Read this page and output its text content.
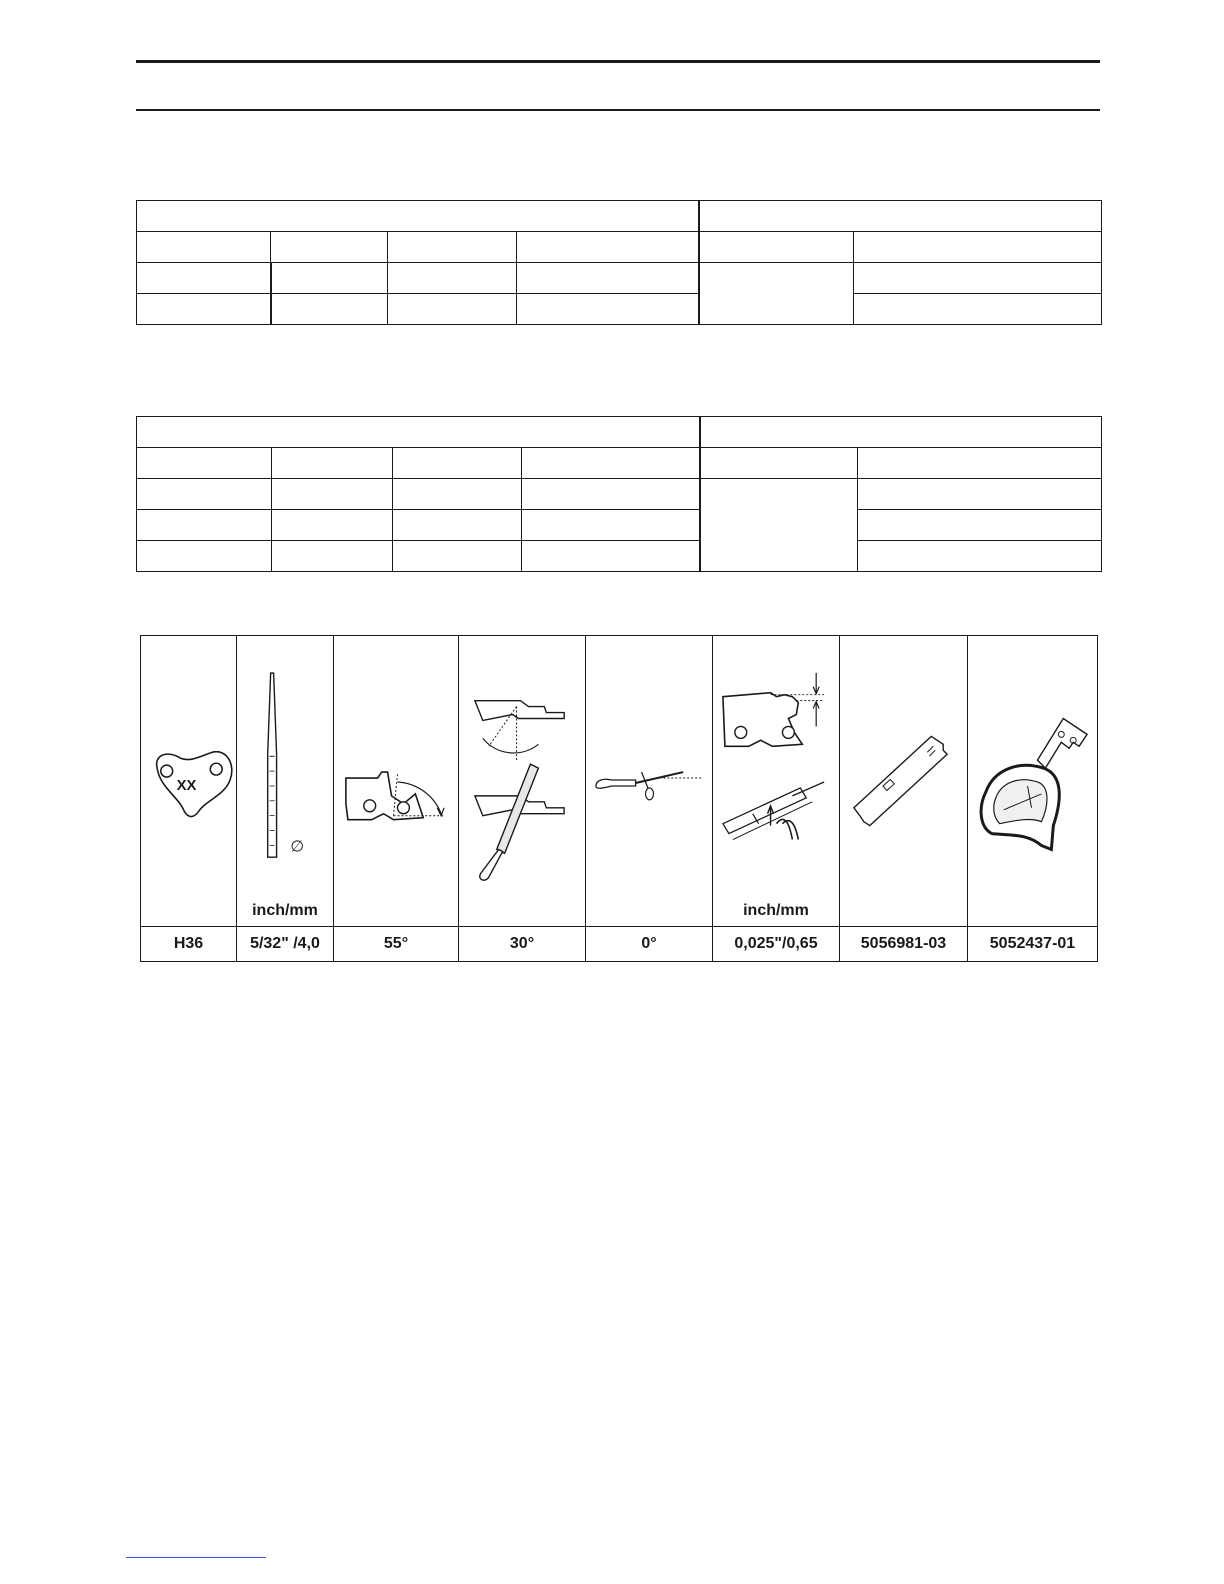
XX	∅
inch/mm				inch/mm

H36	5/32" /4,0	55°	30°	0°	0,025"/0,65	5056981-03	5052437-01
